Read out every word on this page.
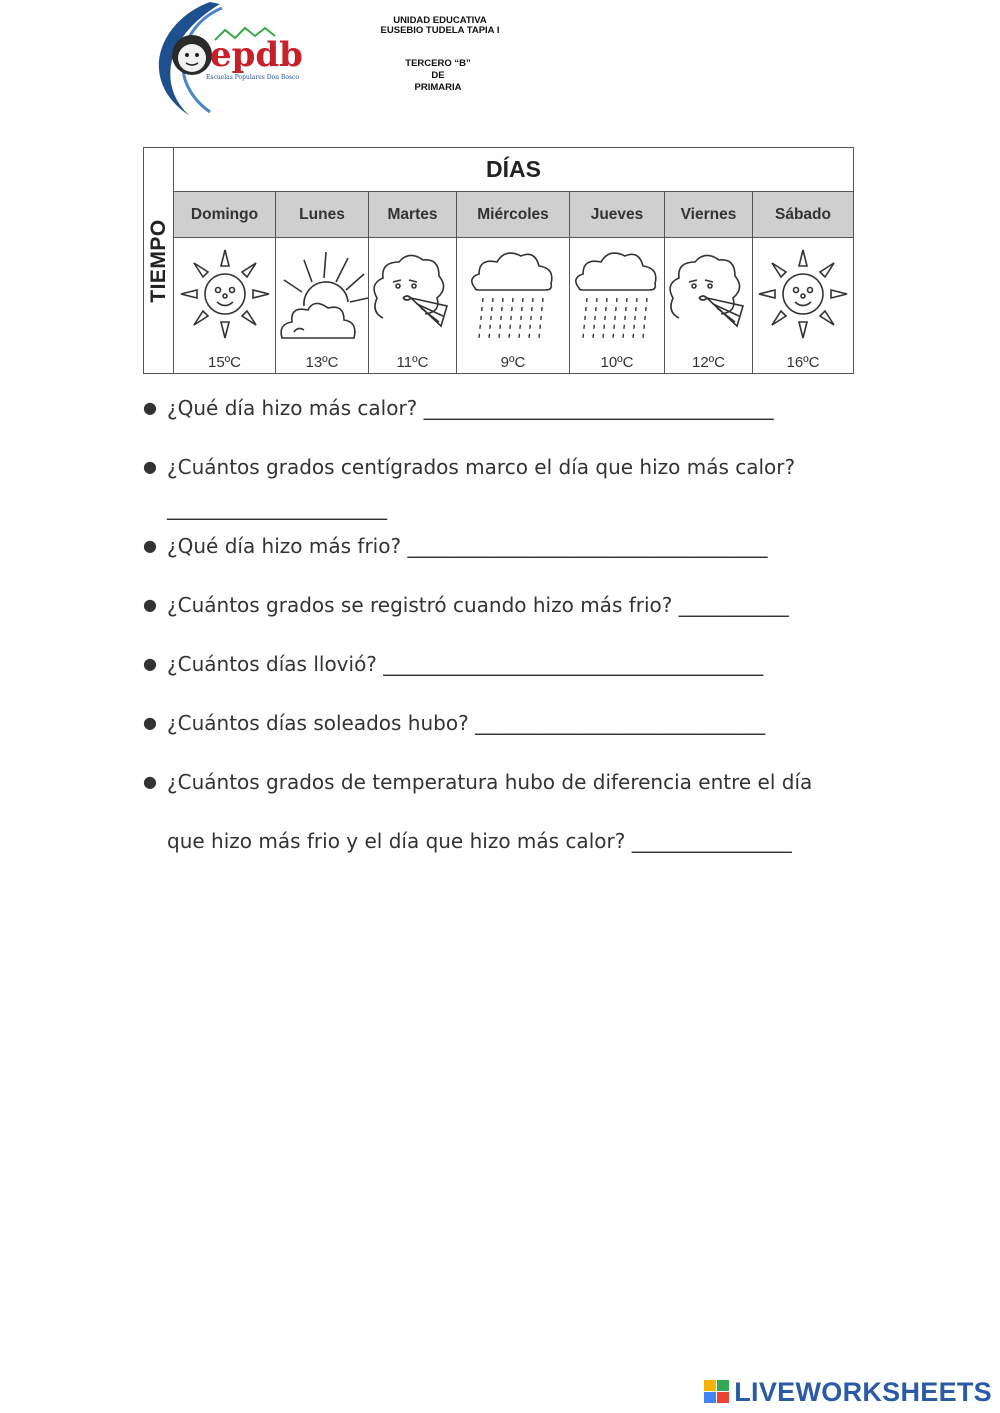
epdb
Escuelas Populares Don Bosco
UNIDAD EDUCATIVA
EUSEBIO TUDELA TAPIA I
TERCERO “B”
DE
PRIMARIA
TIEMPO
DÍAS
Domingo	Lunes	Martes	Miércoles	Jueves	Viernes	Sábado
15ºC	13ºC	11ºC	9ºC	10ºC	12ºC	16ºC
● ¿Qué día hizo más calor? ___________________________________
● ¿Cuántos grados centígrados marco el día que hizo más calor?
______________________
● ¿Qué día hizo más frio? ____________________________________
● ¿Cuántos grados se registró cuando hizo más frio? ___________
● ¿Cuántos días llovió? ______________________________________
● ¿Cuántos días soleados hubo? _____________________________
● ¿Cuántos grados de temperatura hubo de diferencia entre el día
que hizo más frio y el día que hizo más calor? ________________
LIVEWORKSHEETS
